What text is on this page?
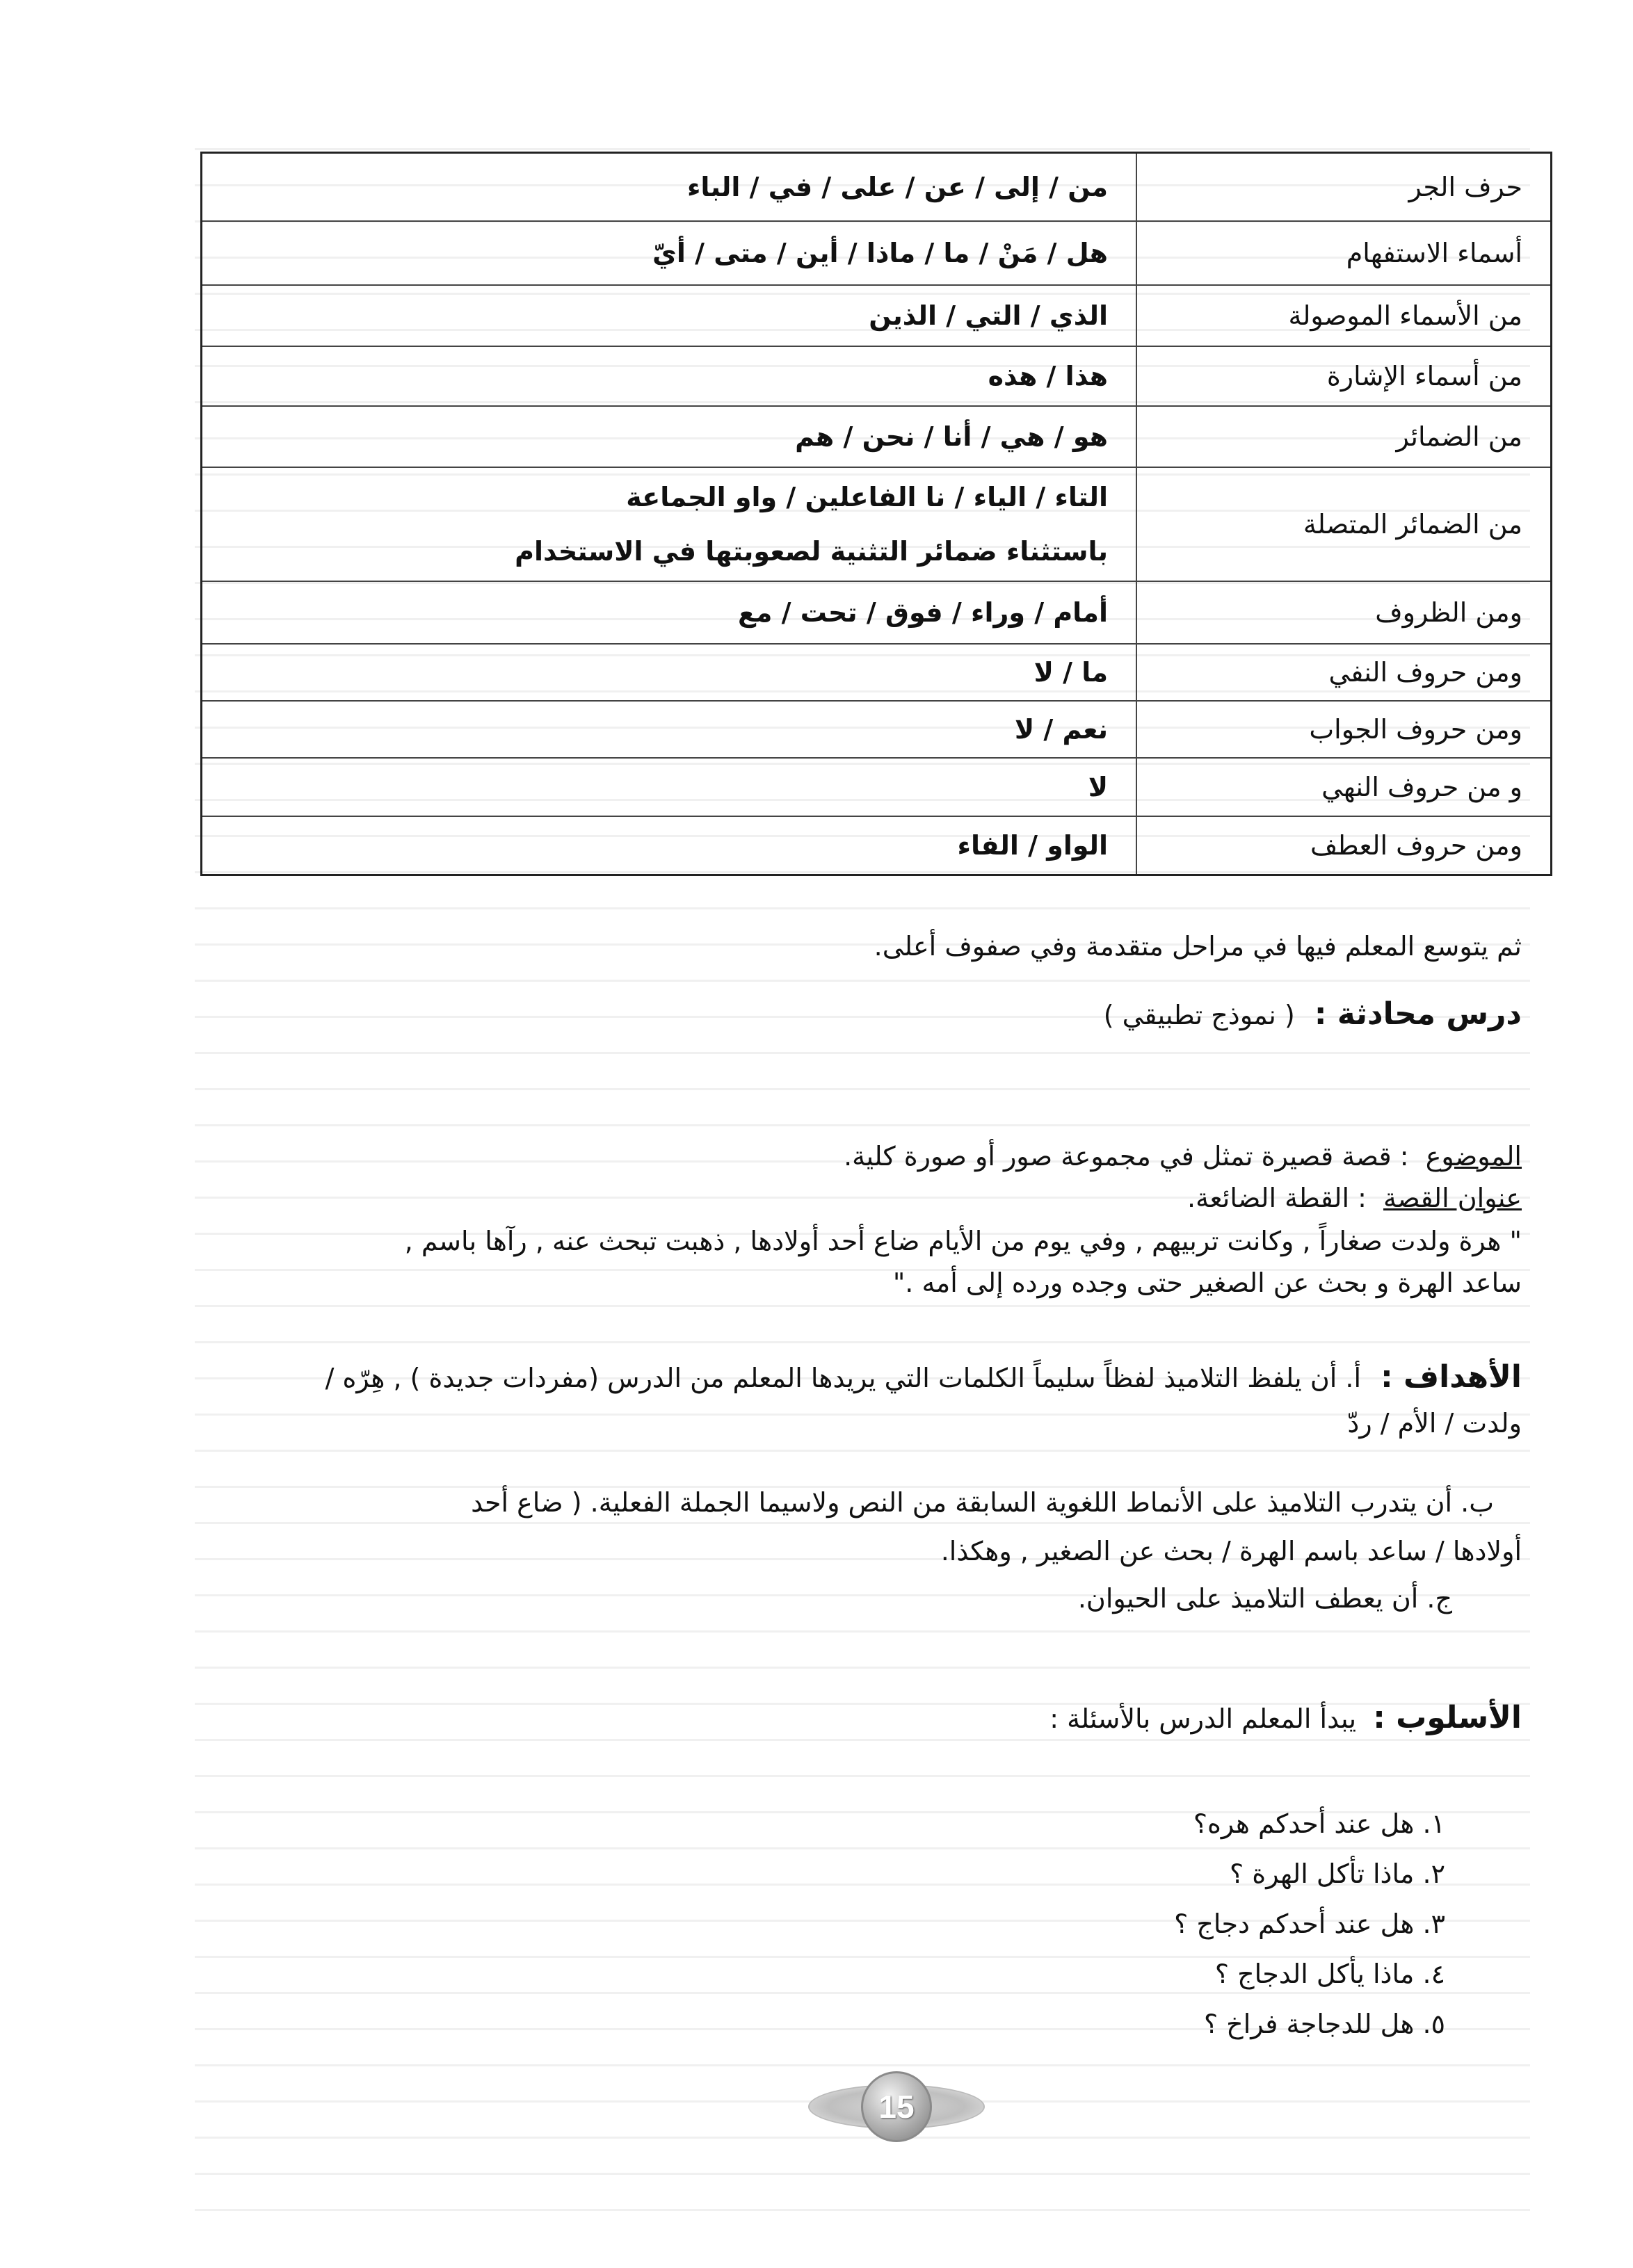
حرف الجر
من / إلى / عن / على / في / الباء
أسماء الاستفهام
هل / مَنْ / ما / ماذا / أين / متى / أيّ
من الأسماء الموصولة
الذي / التي / الذين
من أسماء الإشارة
هذا / هذه
من الضمائر
هو / هي / أنا / نحن / هم
من الضمائر المتصلة
التاء / الياء / نا الفاعلين / واو الجماعة
باستثناء ضمائر التثنية لصعوبتها في الاستخدام
ومن الظروف
أمام / وراء / فوق / تحت / مع
ومن حروف النفي
ما / لا
ومن حروف الجواب
نعم / لا
و من حروف النهي
لا
ومن حروف العطف
الواو / الفاء
ثم يتوسع المعلم فيها في مراحل متقدمة وفي صفوف أعلى.
درس محادثة : ( نموذج تطبيقي )
الموضوع : قصة قصيرة تمثل في مجموعة صور أو صورة كلية.
عنوان القصة : القطة الضائعة.
" هرة ولدت صغاراً , وكانت تربيهم , وفي يوم من الأيام ضاع أحد أولادها , ذهبت تبحث عنه , رآها باسم ,
ساعد الهرة و بحث عن الصغير حتى وجده ورده إلى أمه ."
الأهداف : أ. أن يلفظ التلاميذ لفظاً سليماً الكلمات التي يريدها المعلم من الدرس (مفردات جديدة ) , هِرّه /
ولدت / الأم / ردّ
ب. أن يتدرب التلاميذ على الأنماط اللغوية السابقة من النص ولاسيما الجملة الفعلية. ( ضاع أحد
أولادها / ساعد باسم الهرة / بحث عن الصغير , وهكذا.
ج. أن يعطف التلاميذ على الحيوان.
الأسلوب : يبدأ المعلم الدرس بالأسئلة :
١. هل عند أحدكم هره؟
٢. ماذا تأكل الهرة ؟
٣. هل عند أحدكم دجاج ؟
٤. ماذا يأكل الدجاج ؟
٥. هل للدجاجة فراخ ؟
15
